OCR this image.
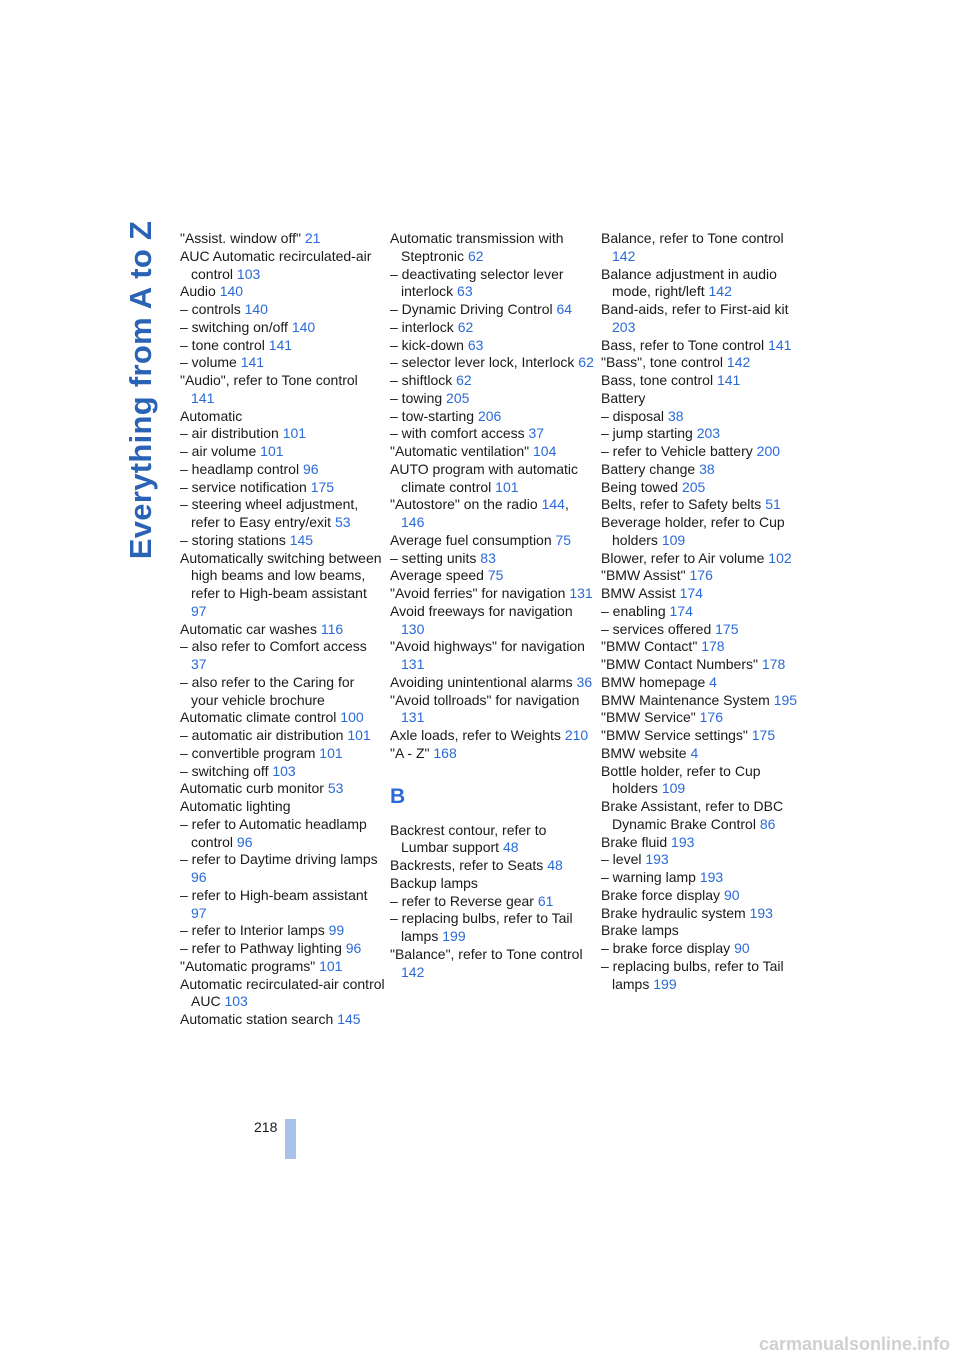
Everything from A to Z "Assist. window off" 21
AUC Automatic recirculated-air control 103
Audio 140
– controls 140
– switching on/off 140
– tone control 141
– volume 141
"Audio", refer to Tone control 141
Automatic
– air distribution 101
– air volume 101
– headlamp control 96
– service notification 175
– steering wheel adjustment, refer to Easy entry/exit 53
– storing stations 145
Automatically switching between high beams and low beams, refer to High-beam assistant 97
Automatic car washes 116
– also refer to Comfort access 37
– also refer to the Caring for your vehicle brochure
Automatic climate control 100
– automatic air distribution 101
– convertible program 101
– switching off 103
Automatic curb monitor 53
Automatic lighting
– refer to Automatic headlamp control 96
– refer to Daytime driving lamps 96
– refer to High-beam assistant 97
– refer to Interior lamps 99
– refer to Pathway lighting 96
"Automatic programs" 101
Automatic recirculated-air control AUC 103
Automatic station search 145
Automatic transmission with Steptronic 62
– deactivating selector lever interlock 63
– Dynamic Driving Control 64
– interlock 62
– kick-down 63
– selector lever lock, Interlock 62
– shiftlock 62
– towing 205
– tow-starting 206
– with comfort access 37
"Automatic ventilation" 104
AUTO program with automatic climate control 101
"Autostore" on the radio 144, 146
Average fuel consumption 75
– setting units 83
Average speed 75
"Avoid ferries" for navigation 131
Avoid freeways for navigation 130
"Avoid highways" for navigation 131
Avoiding unintentional alarms 36
"Avoid tollroads" for navigation 131
Axle loads, refer to Weights 210
"A - Z" 168
B
Backrest contour, refer to Lumbar support 48
Backrests, refer to Seats 48
Backup lamps
– refer to Reverse gear 61
– replacing bulbs, refer to Tail lamps 199
"Balance", refer to Tone control 142
Balance, refer to Tone control 142
Balance adjustment in audio mode, right/left 142
Band-aids, refer to First-aid kit 203
Bass, refer to Tone control 141
"Bass", tone control 142
Bass, tone control 141
Battery
– disposal 38
– jump starting 203
– refer to Vehicle battery 200
Battery change 38
Being towed 205
Belts, refer to Safety belts 51
Beverage holder, refer to Cup holders 109
Blower, refer to Air volume 102
"BMW Assist" 176
BMW Assist 174
– enabling 174
– services offered 175
"BMW Contact" 178
"BMW Contact Numbers" 178
BMW homepage 4
BMW Maintenance System 195
"BMW Service" 176
"BMW Service settings" 175
BMW website 4
Bottle holder, refer to Cup holders 109
Brake Assistant, refer to DBC Dynamic Brake Control 86
Brake fluid 193
– level 193
– warning lamp 193
Brake force display 90
Brake hydraulic system 193
Brake lamps
– brake force display 90
– replacing bulbs, refer to Tail lamps 199
218
carmanualsonline.info
